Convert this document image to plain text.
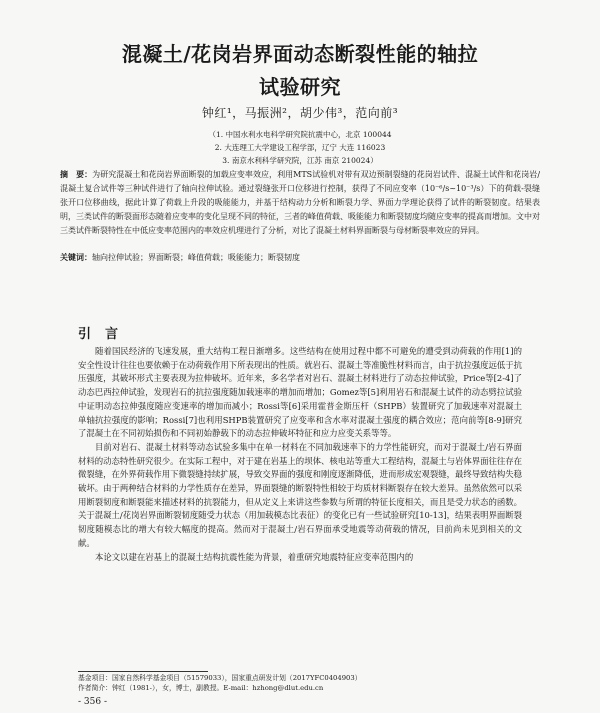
混凝土/花岗岩界面动态断裂性能的轴拉
试验研究
钟红¹，马振洲²，胡少伟³，范向前³
（1. 中国水利水电科学研究院抗震中心，北京 100044
2. 大连理工大学建设工程学部，辽宁 大连 116023
3. 南京水利科学研究院，江苏 南京 210024）
摘　要：为研究混凝土和花岗岩界面断裂的加载应变率效应，利用MTS试验机对带有双边预制裂缝的花岗岩试件、混凝土试件和花岗岩/混凝土复合试件等三种试件进行了轴向拉伸试验。通过裂缝张开口位移进行控制，获得了不同应变率（10⁻⁶/s~10⁻³/s）下的荷载-裂缝张开口位移曲线，据此计算了荷载上升段的吸能能力，并基于结构动力分析和断裂力学、界面力学理论获得了试件的断裂韧度。结果表明，三类试件的断裂面形态随着应变率的变化呈现不同的特征，三者的峰值荷载、吸能能力和断裂韧度均随应变率的提高而增加。文中对三类试件断裂特性在中低应变率范围内的率效应机理进行了分析，对比了混凝土材料界面断裂与母材断裂率效应的异同。
关键词：轴向拉伸试验；界面断裂；峰值荷载；吸能能力；断裂韧度
引言

随着国民经济的飞速发展，重大结构工程日渐增多。这些结构在使用过程中都不可避免的遭受到动荷载的作用[1]的安全性设计往往也要依赖于在动荷载作用下所表现出的性质。就岩石、混凝土等准脆性材料而言，由于抗拉强度远低于抗压强度，其破坏形式主要表现为拉伸破坏。近年来，多名学者对岩石、混凝土材料进行了动态拉伸试验，Price等[2-4]了动态巴西拉伸试验，发现岩石的抗拉强度随加载速率的增加而增加；Gomez等[5]利用岩石和混凝土试件的动态劈拉试验中证明动态拉伸强度随应变速率的增加而减小；Rossi等[6]采用霍普金斯压杆（SHPB）装置研究了加载速率对混凝土单轴抗拉强度的影响；Rossi[7]也利用SHPB装置研究了应变率和含水率对混凝土强度的耦合效应；范向前等[8-9]研究了混凝土在不同初始损伤和不同初始静载下的动态拉伸破坏特征和应力应变关系等等。

目前对岩石、混凝土材料等动态试验多集中在单一材料在不同加载速率下的力学性能研究，而对于混凝土/岩石界面材料的动态特性研究很少。在实际工程中，对于建在岩基上的坝体、核电站等重大工程结构，混凝土与岩体界面往往存在微裂缝，在外界荷载作用下微裂缝持续扩展，导致交界面的强度和刚度逐渐降低，进而形成宏观裂缝，最终导致结构失稳破坏。由于两种结合材料的力学性质存在差异，界面裂缝的断裂特性相较于均质材料断裂存在较大差异。虽然依然可以采用断裂韧度和断裂能来描述材料的抗裂能力，但从定义上来讲这些参数与所谓的特征长度相关，而且是受力状态的函数。关于混凝土/花岗岩界面断裂韧度随受力状态（用加载模态比表征）的变化已有一些试验研究[10-13]，结果表明界面断裂韧度随模态比的增大有较大幅度的提高。然而对于混凝土/岩石界面承受地震等动荷载的情况，目前尚未见到相关的文献。

本论文以建在岩基上的混凝土结构抗震性能为背景，着重研究地震特征应变率范围内的

基金项目：国家自然科学基金项目（51579033），国家重点研发计划（2017YFC0404903）
作者简介：钟红（1981-），女，博士，副教授。E-mail：hzhong@dlut.edu.cn
- 356 -
